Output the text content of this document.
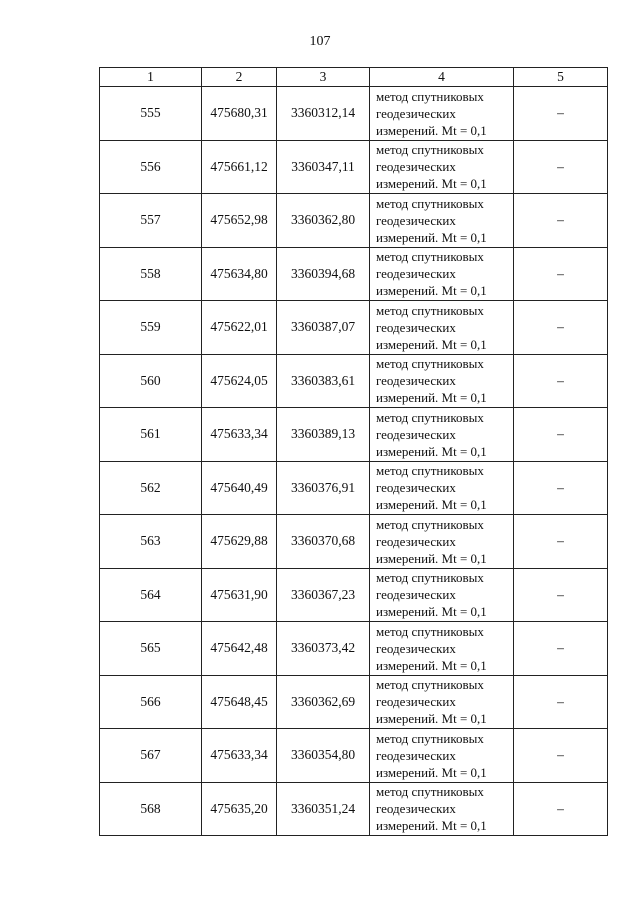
107
1	2	3	4	5
555	475680,31	3360312,14	метод спутниковых
геодезических
измерений. Mt = 0,1	–
556	475661,12	3360347,11	метод спутниковых
геодезических
измерений. Mt = 0,1	–
557	475652,98	3360362,80	метод спутниковых
геодезических
измерений. Mt = 0,1	–
558	475634,80	3360394,68	метод спутниковых
геодезических
измерений. Mt = 0,1	–
559	475622,01	3360387,07	метод спутниковых
геодезических
измерений. Mt = 0,1	–
560	475624,05	3360383,61	метод спутниковых
геодезических
измерений. Mt = 0,1	–
561	475633,34	3360389,13	метод спутниковых
геодезических
измерений. Mt = 0,1	–
562	475640,49	3360376,91	метод спутниковых
геодезических
измерений. Mt = 0,1	–
563	475629,88	3360370,68	метод спутниковых
геодезических
измерений. Mt = 0,1	–
564	475631,90	3360367,23	метод спутниковых
геодезических
измерений. Mt = 0,1	–
565	475642,48	3360373,42	метод спутниковых
геодезических
измерений. Mt = 0,1	–
566	475648,45	3360362,69	метод спутниковых
геодезических
измерений. Mt = 0,1	–
567	475633,34	3360354,80	метод спутниковых
геодезических
измерений. Mt = 0,1	–
568	475635,20	3360351,24	метод спутниковых
геодезических
измерений. Mt = 0,1	–
